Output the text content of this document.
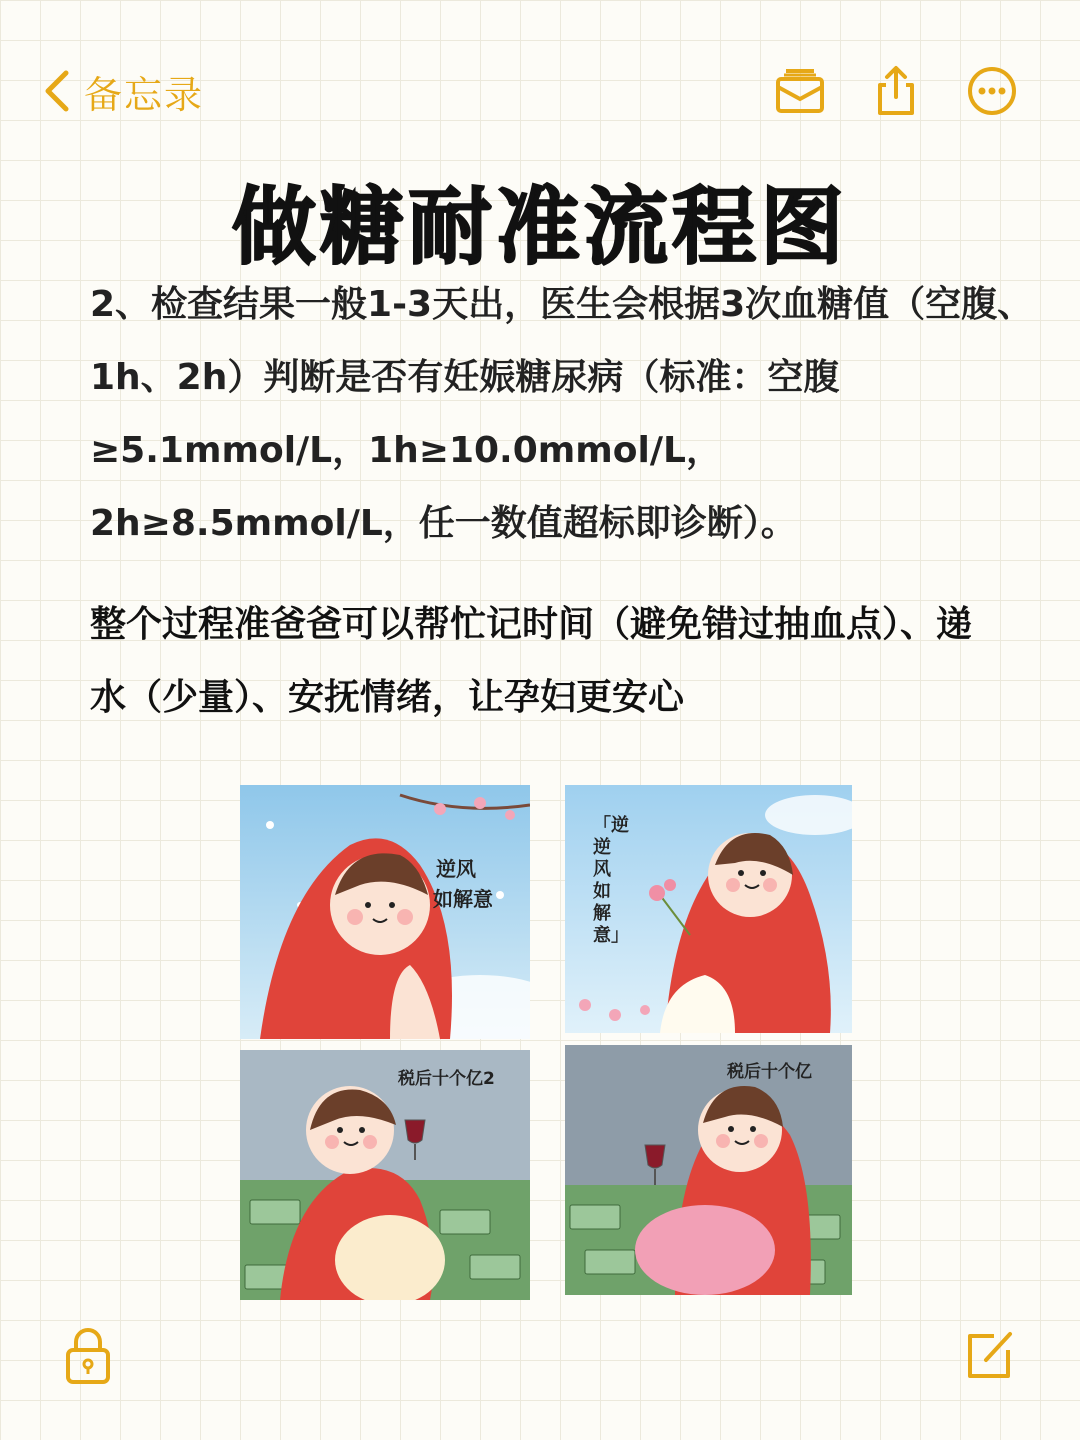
备忘录
做糖耐准流程图
2、检查结果一般1-3天出，医生会根据3次血糖值（空腹、1h、2h）判断是否有妊娠糖尿病（标准：空腹≥5.1mmol/L，1h≥10.0mmol/L，2h≥8.5mmol/L，任一数值超标即诊断）。
整个过程准爸爸可以帮忙记时间（避免错过抽血点）、递水（少量）、安抚情绪，让孕妇更安心
逆风
如解意
「逆逆风如解意」
税后十个亿2	税后十个亿
